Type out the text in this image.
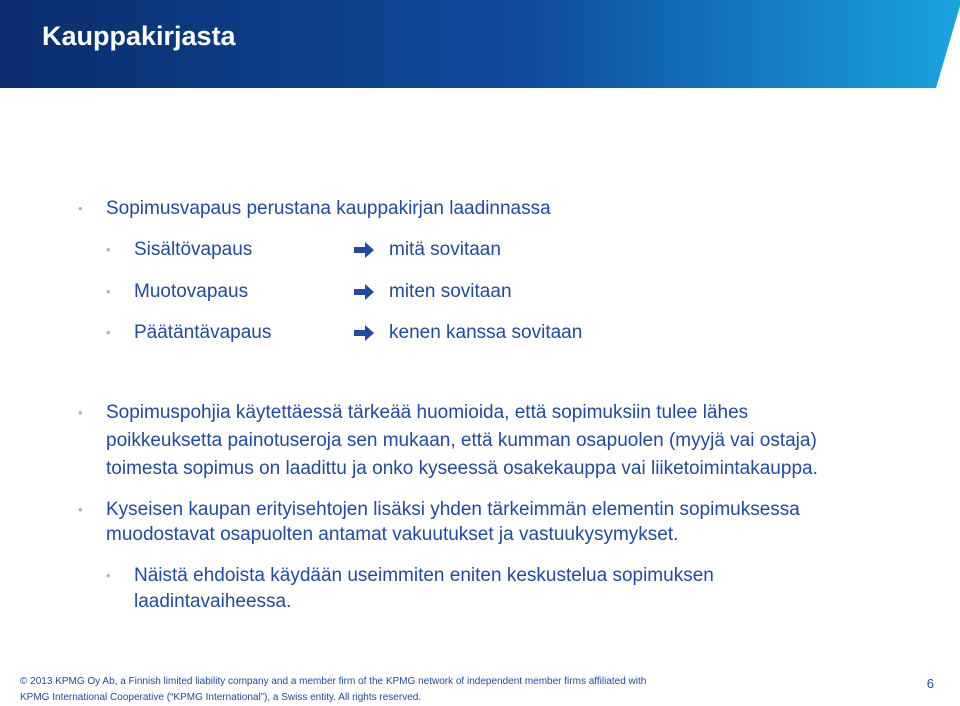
Kauppakirjasta
• Sopimusvapaus perustana kauppakirjan laadinnassa
• Sisältövapaus	mitä sovitaan
• Muotovapaus	miten sovitaan
• Päätäntävapaus	kenen kanssa sovitaan
• Sopimuspohjia käytettäessä tärkeää huomioida, että sopimuksiin tulee lähes
poikkeuksetta painotuseroja sen mukaan, että kumman osapuolen (myyjä vai ostaja)
toimesta sopimus on laadittu ja onko kyseessä osakekauppa vai liiketoimintakauppa.
• Kyseisen kaupan erityisehtojen lisäksi yhden tärkeimmän elementin sopimuksessa
muodostavat osapuolten antamat vakuutukset ja vastuukysymykset.
• Näistä ehdoista käydään useimmiten eniten keskustelua sopimuksen
laadintavaiheessa.
© 2013 KPMG Oy Ab, a Finnish limited liability company and a member firm of the KPMG network of independent member firms affiliated with
KPMG International Cooperative (“KPMG International”), a Swiss entity. All rights reserved.
6
